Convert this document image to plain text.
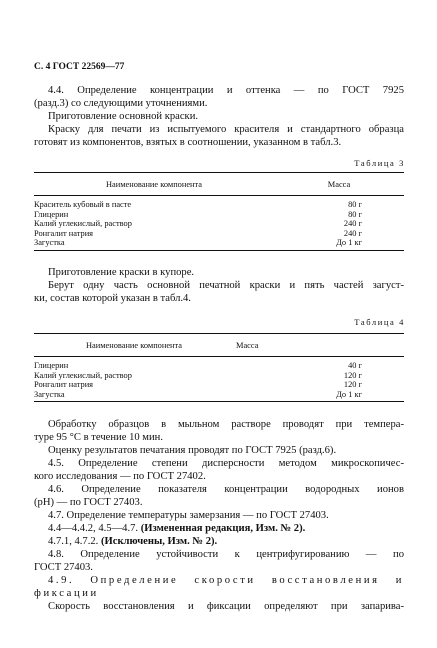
С. 4 ГОСТ 22569—77
4.4. Определение концентрации и оттенка — по ГОСТ 7925
(разд.3) со следующими уточнениями.
Приготовление основной краски.
Краску для печати из испытуемого красителя и стандартного образца
готовят из компонентов, взятых в соотношении, указанном в табл.3.
Таблица 3
Наименование компонента	Масса
Краситель кубовый в пасте	80 г
Глицерин	80 г
Калий углекислый, раствор	240 г
Ронгалит натрия	240 г
Загустка	До 1 кг
Приготовление краски в купоре.
Берут одну часть основной печатной краски и пять частей загуст-
ки, состав которой указан в табл.4.
Таблица 4
Наименование компонента	Масса
Глицерин	40 г
Калий углекислый, раствор	120 г
Ронгалит натрия	120 г
Загустка	До 1 кг
Обработку образцов в мыльном растворе проводят при темпера-
туре 95 °С в течение 10 мин.
Оценку результатов печатания проводят по ГОСТ 7925 (разд.6).
4.5. Определение степени дисперсности методом микроскопичес-
кого исследования — по ГОСТ 27402.
4.6. Определение показателя концентрации водородных ионов
(pH) — по ГОСТ 27403.
4.7. Определение температуры замерзания — по ГОСТ 27403.
4.4—4.4.2, 4.5—4.7. (Измененная редакция, Изм. № 2).
4.7.1, 4.7.2. (Исключены, Изм. № 2).
4.8. Определение устойчивости к центрифугированию — по
ГОСТ 27403.
4.9. Определение скорости восстановления и
фиксации
Скорость восстановления и фиксации определяют при запарива-
